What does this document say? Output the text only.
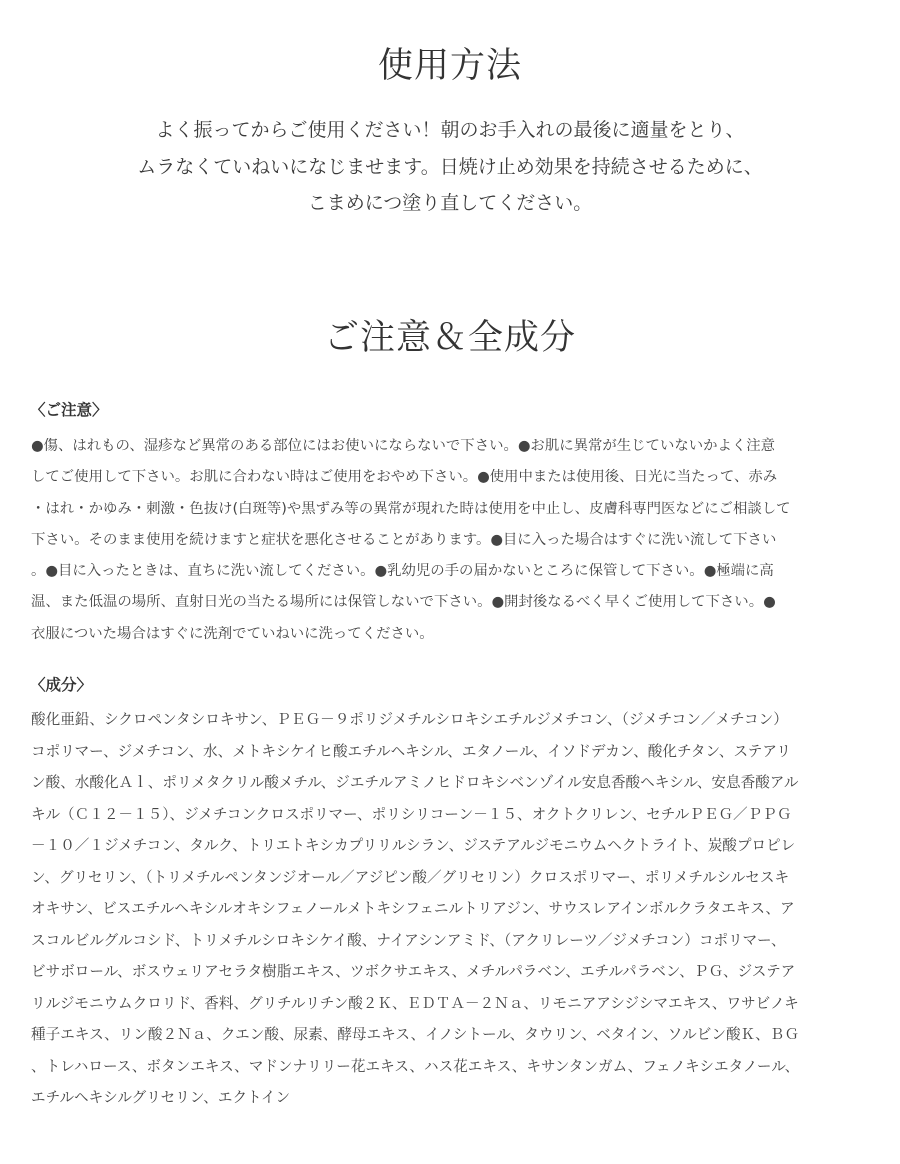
使用方法
よく振ってからご使用ください！朝のお手入れの最後に適量をとり、
ムラなくていねいになじませます。日焼け止め効果を持続させるために、
こまめにつ塗り直してください。
ご注意＆全成分
〈ご注意〉
●傷、はれもの、湿疹など異常のある部位にはお使いにならないで下さい。●お肌に異常が生じていないかよく注意
してご使用して下さい。お肌に合わない時はご使用をおやめ下さい。●使用中または使用後、日光に当たって、赤み
・はれ・かゆみ・刺激・色抜け(白斑等)や黒ずみ等の異常が現れた時は使用を中止し、皮膚科専門医などにご相談して
下さい。そのまま使用を続けますと症状を悪化させることがあります。●目に入った場合はすぐに洗い流して下さい
。●目に入ったときは、直ちに洗い流してください。●乳幼児の手の届かないところに保管して下さい。●極端に高
温、また低温の場所、直射日光の当たる場所には保管しないで下さい。●開封後なるべく早くご使用して下さい。●
衣服についた場合はすぐに洗剤でていねいに洗ってください。
〈成分〉
酸化亜鉛、シクロペンタシロキサン、ＰＥＧ－９ポリジメチルシロキシエチルジメチコン、（ジメチコン／メチコン）
コポリマー、ジメチコン、水、メトキシケイヒ酸エチルヘキシル、エタノール、イソドデカン、酸化チタン、ステアリ
ン酸、水酸化Ａｌ、ポリメタクリル酸メチル、ジエチルアミノヒドロキシベンゾイル安息香酸ヘキシル、安息香酸アル
キル（Ｃ１２－１５）、ジメチコンクロスポリマー、ポリシリコーン－１５、オクトクリレン、セチルＰＥＧ／ＰＰＧ
－１０／１ジメチコン、タルク、トリエトキシカプリリルシラン、ジステアルジモニウムヘクトライト、炭酸プロピレ
ン、グリセリン、（トリメチルペンタンジオール／アジピン酸／グリセリン）クロスポリマー、ポリメチルシルセスキ
オキサン、ビスエチルヘキシルオキシフェノールメトキシフェニルトリアジン、サウスレアインボルクラタエキス、ア
スコルビルグルコシド、トリメチルシロキシケイ酸、ナイアシンアミド、（アクリレーツ／ジメチコン）コポリマー、
ビサボロール、ボスウェリアセラタ樹脂エキス、ツボクサエキス、メチルパラベン、エチルパラベン、ＰＧ、ジステア
リルジモニウムクロリド、香料、グリチルリチン酸２Ｋ、ＥＤＴＡ－２Ｎａ、リモニアアシジシマエキス、ワサビノキ
種子エキス、リン酸２Ｎａ、クエン酸、尿素、酵母エキス、イノシトール、タウリン、ベタイン、ソルビン酸Ｋ、ＢＧ
、トレハロース、ボタンエキス、マドンナリリー花エキス、ハス花エキス、キサンタンガム、フェノキシエタノール、
エチルヘキシルグリセリン、エクトイン
